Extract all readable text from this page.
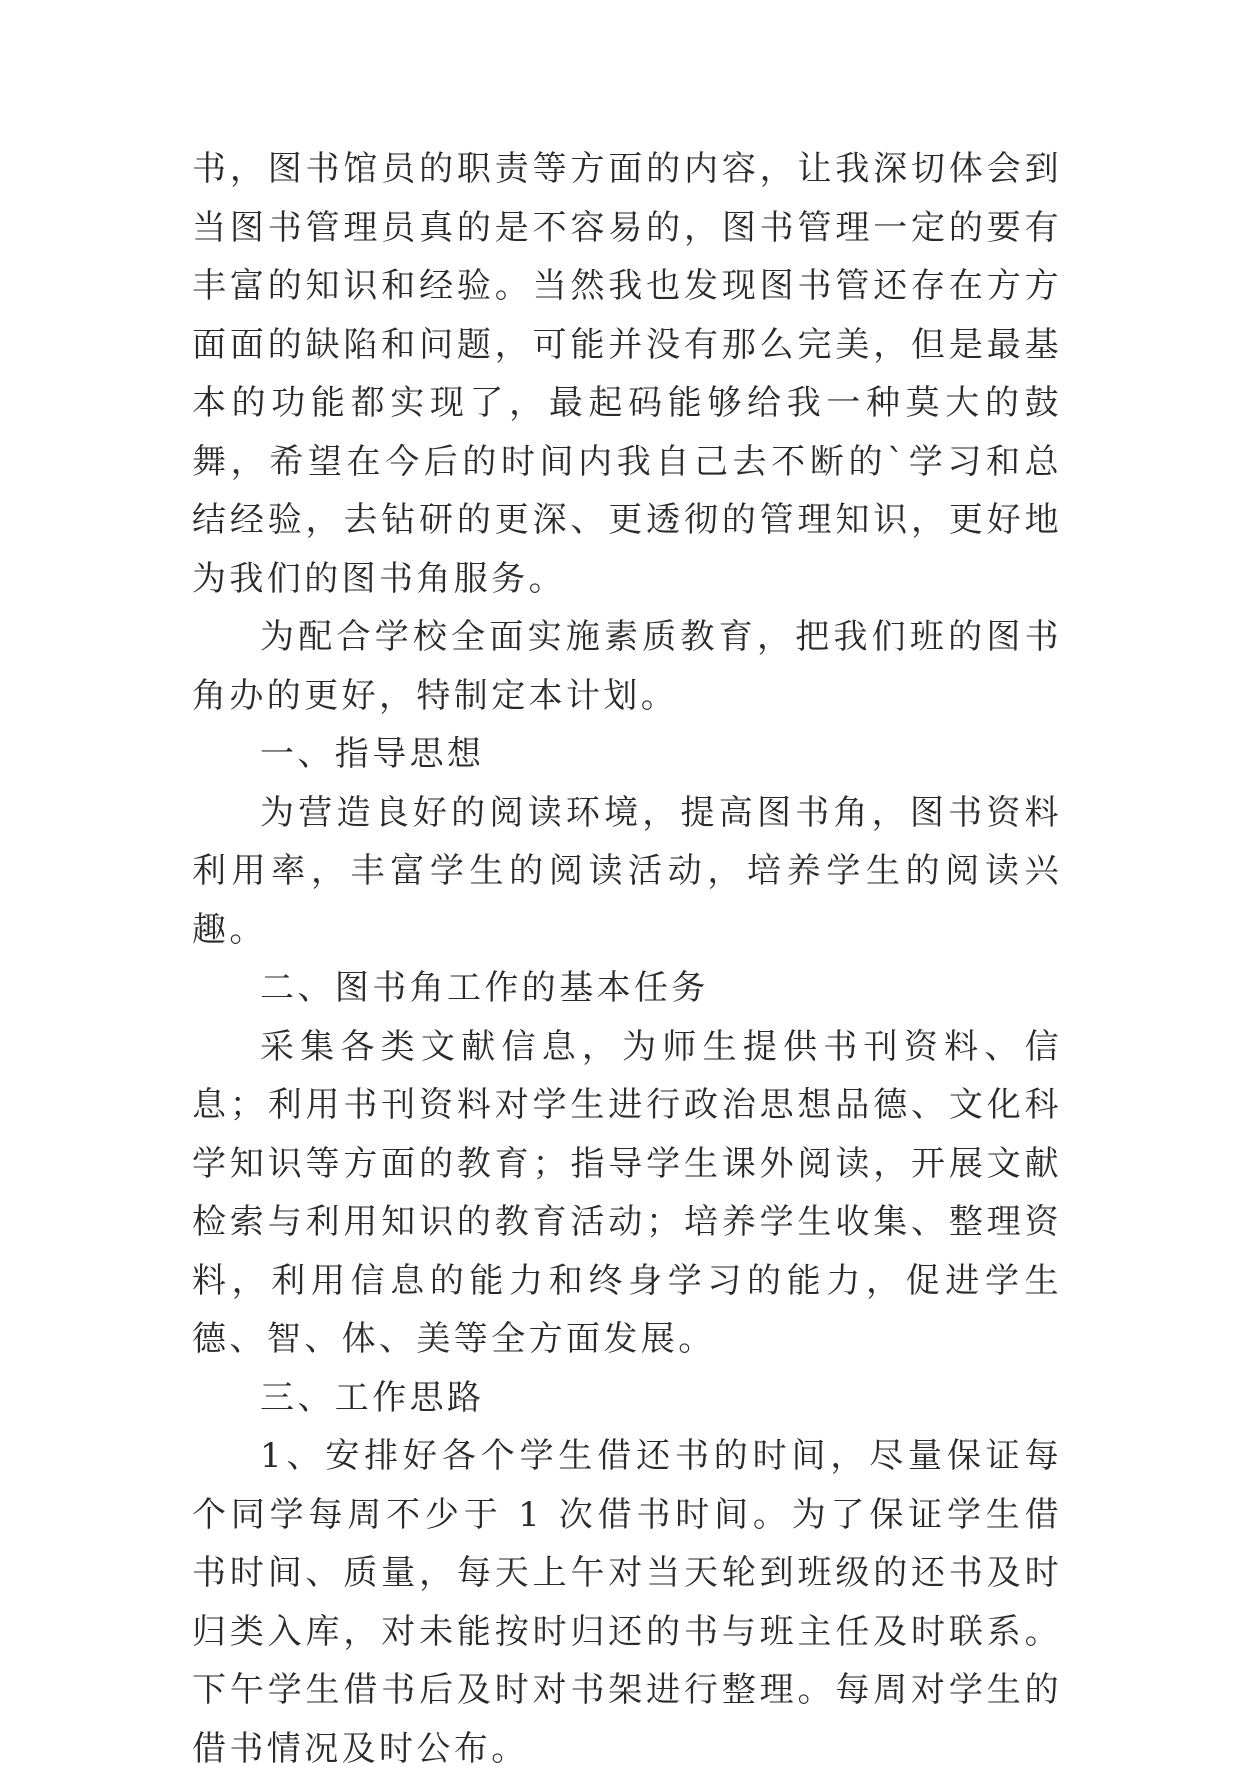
书，图书馆员的职责等方面的内容，让我深切体会到当图书管理员真的是不容易的，图书管理一定的要有丰富的知识和经验。当然我也发现图书管还存在方方面面的缺陷和问题，可能并没有那么完美，但是最基本的功能都实现了，最起码能够给我一种莫大的鼓舞，希望在今后的时间内我自己去不断的`学习和总结经验，去钻研的更深、更透彻的管理知识，更好地为我们的图书角服务。

为配合学校全面实施素质教育，把我们班的图书角办的更好，特制定本计划。

一、指导思想

为营造良好的阅读环境，提高图书角，图书资料利用率，丰富学生的阅读活动，培养学生的阅读兴趣。

二、图书角工作的基本任务

采集各类文献信息，为师生提供书刊资料、信息；利用书刊资料对学生进行政治思想品德、文化科学知识等方面的教育；指导学生课外阅读，开展文献检索与利用知识的教育活动；培养学生收集、整理资料，利用信息的能力和终身学习的能力，促进学生德、智、体、美等全方面发展。

三、工作思路

1、安排好各个学生借还书的时间，尽量保证每个同学每周不少于 1 次借书时间。为了保证学生借书时间、质量，每天上午对当天轮到班级的还书及时归类入库，对未能按时归还的书与班主任及时联系。下午学生借书后及时对书架进行整理。每周对学生的借书情况及时公布。
